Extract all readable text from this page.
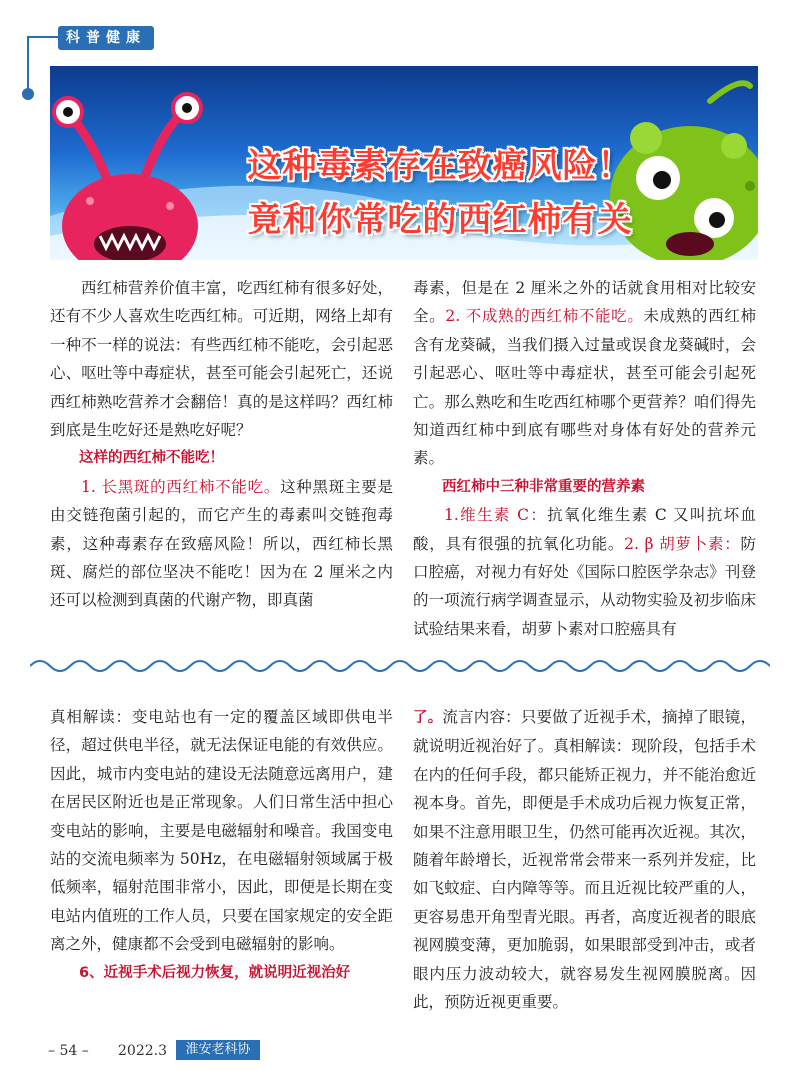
科普健康
这种毒素存在致癌风险！
竟和你常吃的西红柿有关

西红柿营养价值丰富，吃西红柿有很多好处，还有不少人喜欢生吃西红柿。可近期，网络上却有一种不一样的说法：有些西红柿不能吃，会引起恶心、呕吐等中毒症状，甚至可能会引起死亡，还说西红柿熟吃营养才会翻倍！真的是这样吗？西红柿到底是生吃好还是熟吃好呢？

这样的西红柿不能吃！

1. 长黑斑的西红柿不能吃。这种黑斑主要是由交链孢菌引起的，而它产生的毒素叫交链孢毒素，这种毒素存在致癌风险！所以，西红柿长黑斑、腐烂的部位坚决不能吃！因为在 2 厘米之内还可以检测到真菌的代谢产物，即真菌

毒素，但是在 2 厘米之外的话就食用相对比较安全。2. 不成熟的西红柿不能吃。未成熟的西红柿含有龙葵碱，当我们摄入过量或误食龙葵碱时，会引起恶心、呕吐等中毒症状，甚至可能会引起死亡。那么熟吃和生吃西红柿哪个更营养？咱们得先知道西红柿中到底有哪些对身体有好处的营养元素。

西红柿中三种非常重要的营养素

1.维生素 C：抗氧化维生素 C 又叫抗坏血酸，具有很强的抗氧化功能。2. β 胡萝卜素：防口腔癌，对视力有好处《国际口腔医学杂志》刊登的一项流行病学调查显示，从动物实验及初步临床试验结果来看，胡萝卜素对口腔癌具有

真相解读：变电站也有一定的覆盖区域即供电半径，超过供电半径，就无法保证电能的有效供应。因此，城市内变电站的建设无法随意远离用户，建在居民区附近也是正常现象。人们日常生活中担心变电站的影响，主要是电磁辐射和噪音。我国变电站的交流电频率为 50Hz，在电磁辐射领域属于极低频率，辐射范围非常小，因此，即便是长期在变电站内值班的工作人员，只要在国家规定的安全距离之外，健康都不会受到电磁辐射的影响。

6、近视手术后视力恢复，就说明近视治好

了。流言内容：只要做了近视手术，摘掉了眼镜，就说明近视治好了。真相解读：现阶段，包括手术在内的任何手段，都只能矫正视力，并不能治愈近视本身。首先，即便是手术成功后视力恢复正常，如果不注意用眼卫生，仍然可能再次近视。其次，随着年龄增长，近视常常会带来一系列并发症，比如飞蚊症、白内障等等。而且近视比较严重的人，更容易患开角型青光眼。再者，高度近视者的眼底视网膜变薄，更加脆弱，如果眼部受到冲击，或者眼内压力波动较大，就容易发生视网膜脱离。因此，预防近视更重要。

– 54 – 2022.3	淮安老科协
